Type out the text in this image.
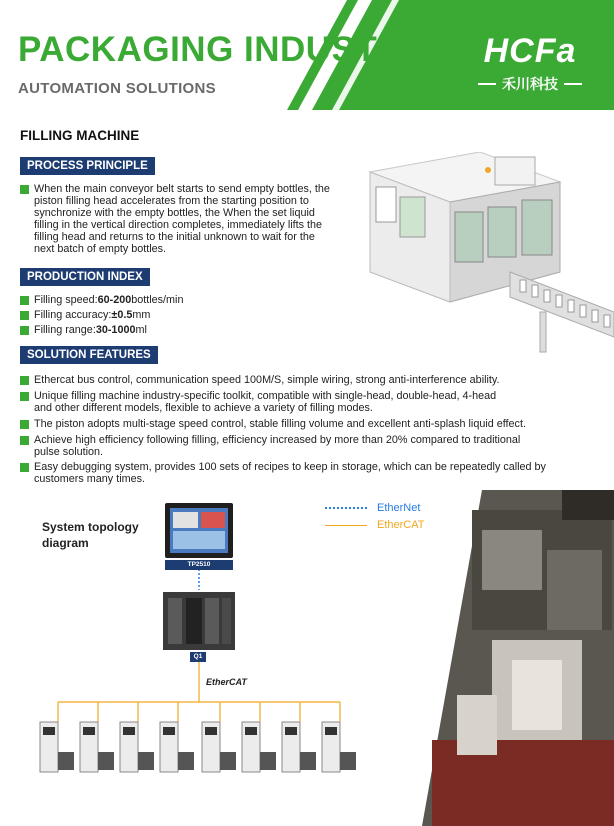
PACKAGING INDUSTRY
AUTOMATION SOLUTIONS
HCFa
禾川科技
FILLING MACHINE
PROCESS PRINCIPLE
When the main conveyor belt starts to send empty bottles, the
piston filling head accelerates from the starting position to
synchronize with the empty bottles, the When the set liquid
filling in the vertical direction completes, immediately lifts the
filling head and returns to the initial unknown to wait for the
next batch of empty bottles.
PRODUCTION INDEX
Filling speed: 60-200 bottles/min
Filling accuracy: ±0.5 mm
Filling range: 30-1000 ml
SOLUTION FEATURES
Ethercat bus control, communication speed 100M/S, simple wiring, strong anti-interference ability.
Unique filling machine industry-specific toolkit, compatible with single-head, double-head, 4-head
and other different models, flexible to achieve a variety of filling modes.
The piston adopts multi-stage speed control, stable filling volume and excellent anti-splash liquid effect.
Achieve high efficiency following filling, efficiency increased by more than 20% compared to traditional
pulse solution.
Easy debugging system, provides 100 sets of recipes to keep in storage, which can be repeatedly called by
customers many times.
System topology
diagram
EtherNet
EtherCAT
TP2510
Q1
EtherCAT
